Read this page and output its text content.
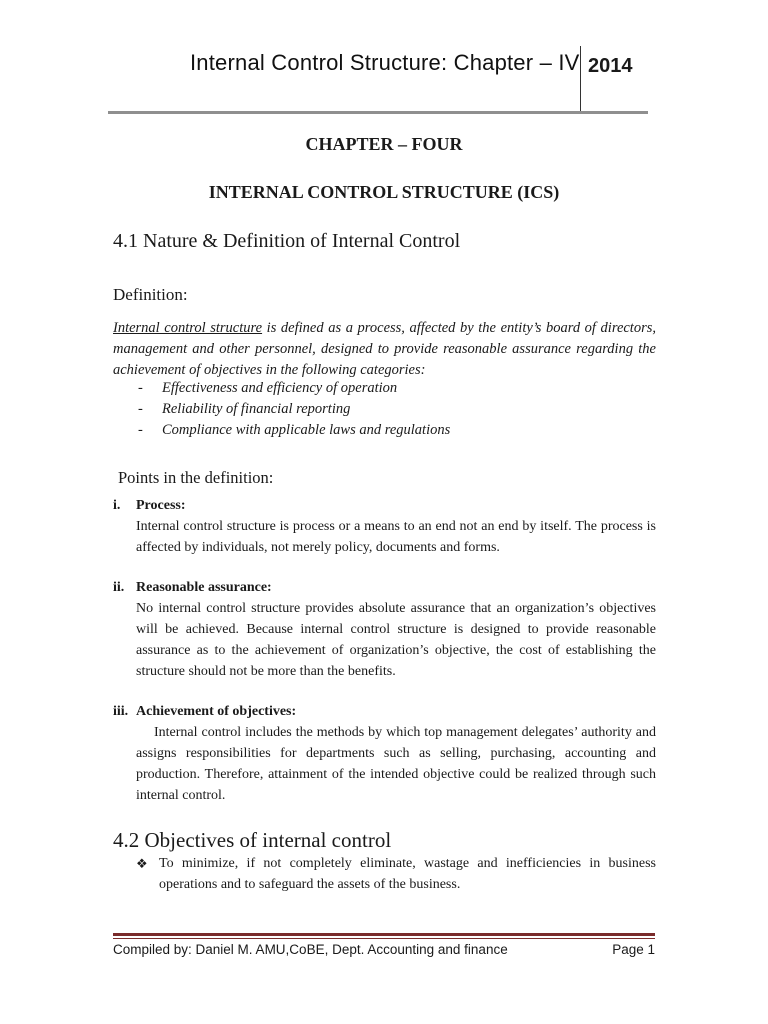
Internal Control Structure: Chapter – IV 2014
CHAPTER – FOUR
INTERNAL CONTROL STRUCTURE (ICS)
4.1 Nature & Definition of Internal Control
Definition:
Internal control structure is defined as a process, affected by the entity’s board of directors, management and other personnel, designed to provide reasonable assurance regarding the achievement of objectives in the following categories:
- Effectiveness and efficiency of operation
- Reliability of financial reporting
- Compliance with applicable laws and regulations
Points in the definition:
i. Process:
Internal control structure is process or a means to an end not an end by itself. The process is affected by individuals, not merely policy, documents and forms.
ii. Reasonable assurance:
No internal control structure provides absolute assurance that an organization’s objectives will be achieved. Because internal control structure is designed to provide reasonable assurance as to the achievement of organization’s objective, the cost of establishing the structure should not be more than the benefits.
iii. Achievement of objectives:
Internal control includes the methods by which top management delegates’ authority and assigns responsibilities for departments such as selling, purchasing, accounting and production. Therefore, attainment of the intended objective could be realized through such internal control.
4.2 Objectives of internal control
❖ To minimize, if not completely eliminate, wastage and inefficiencies in business operations and to safeguard the assets of the business.
Compiled by: Daniel M. AMU,CoBE, Dept. Accounting and finance	Page 1
